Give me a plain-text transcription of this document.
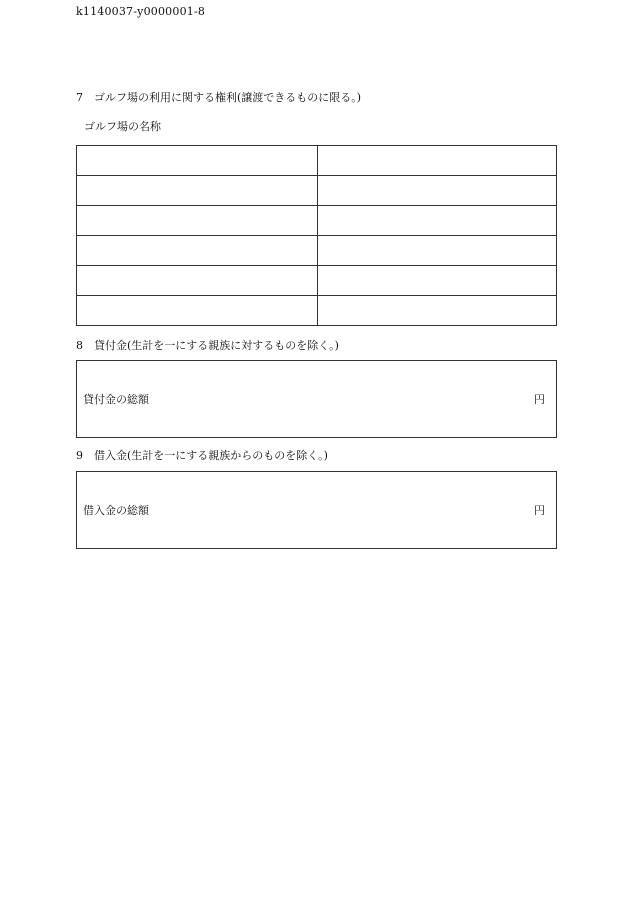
k1140037-y0000001-8
7 ゴルフ場の利用に関する権利(譲渡できるものに限る。)
ゴルフ場の名称

8 貸付金(生計を一にする親族に対するものを除く。)
貸付金の総額	円
9 借入金(生計を一にする親族からのものを除く。)
借入金の総額	円
